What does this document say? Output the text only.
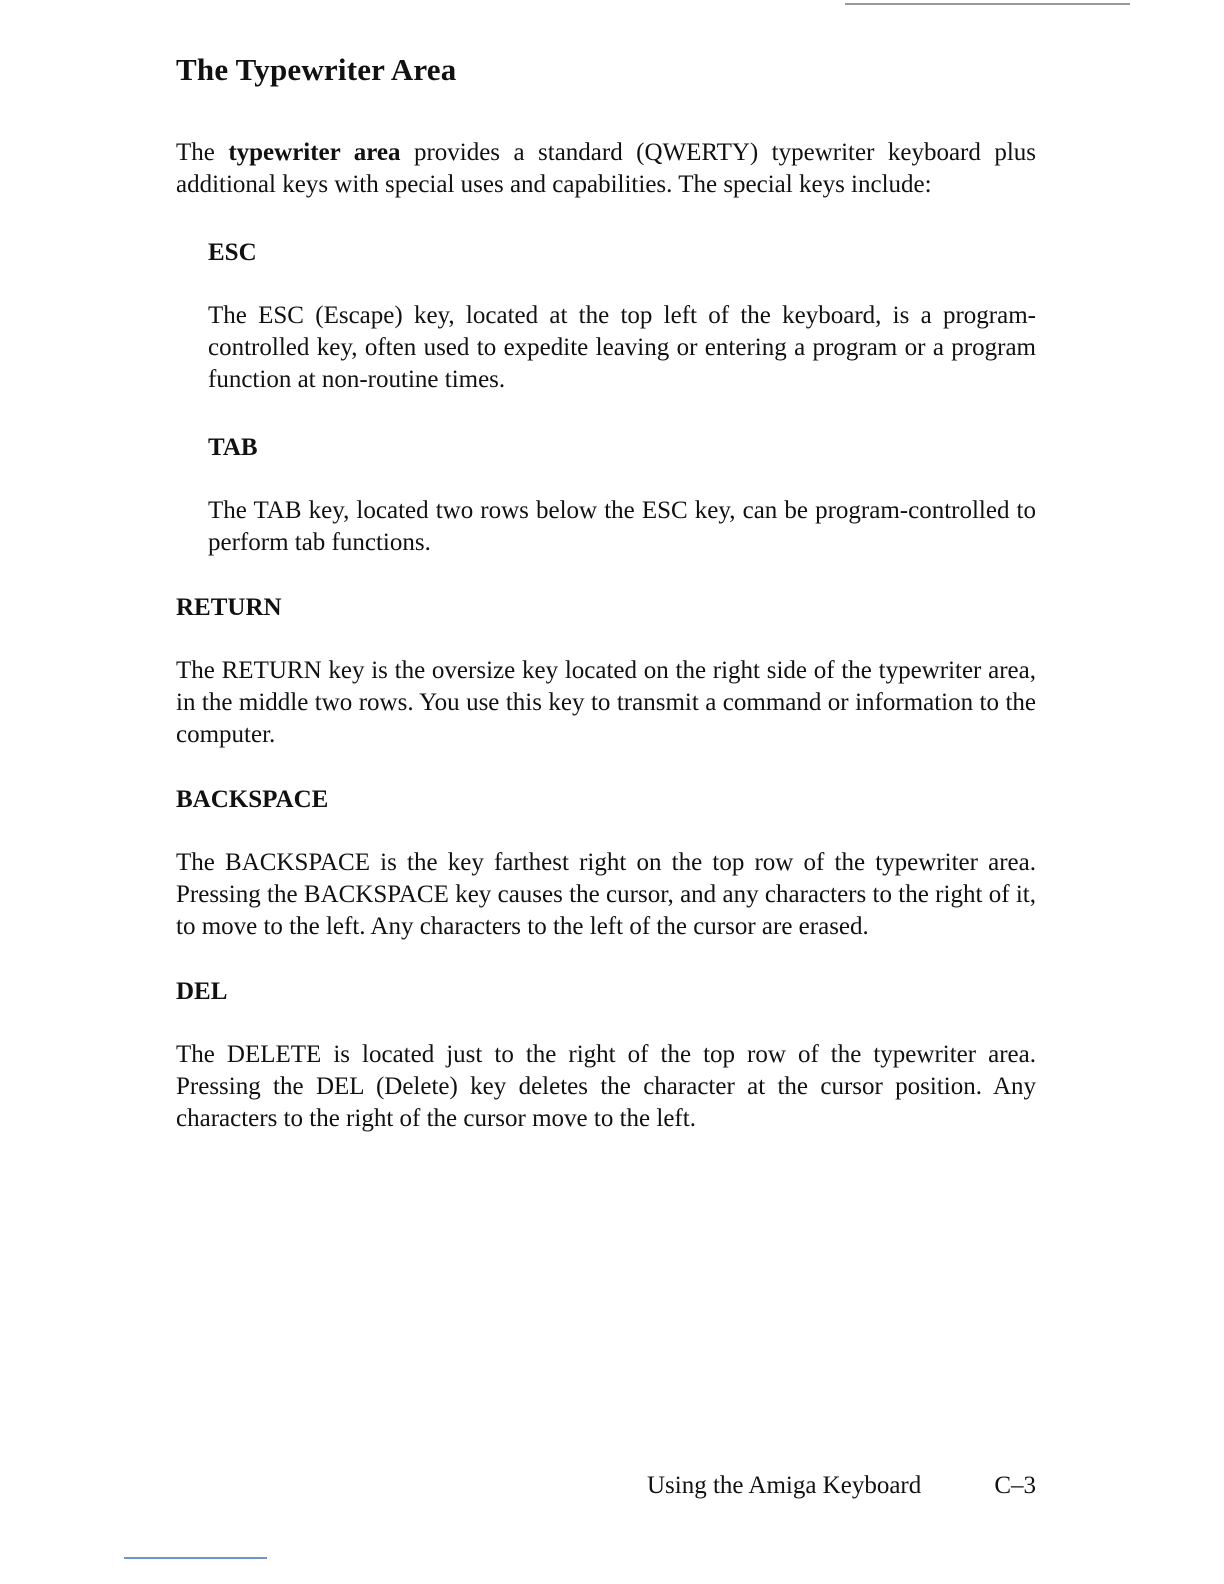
The Typewriter Area

The typewriter area provides a standard (QWERTY) typewriter keyboard plus additional keys with special uses and capabilities. The special keys include:

ESC

The ESC (Escape) key, located at the top left of the keyboard, is a program-controlled key, often used to expedite leaving or entering a program or a program function at non-routine times.

TAB

The TAB key, located two rows below the ESC key, can be program-controlled to perform tab functions.

RETURN

The RETURN key is the oversize key located on the right side of the typewriter area, in the middle two rows. You use this key to transmit a command or information to the computer.

BACKSPACE

The BACKSPACE is the key farthest right on the top row of the typewriter area. Pressing the BACKSPACE key causes the cursor, and any characters to the right of it, to move to the left. Any characters to the left of the cursor are erased.

DEL

The DELETE is located just to the right of the top row of the typewriter area. Pressing the DEL (Delete) key deletes the character at the cursor position. Any characters to the right of the cursor move to the left.

Using the Amiga Keyboard	C–3
